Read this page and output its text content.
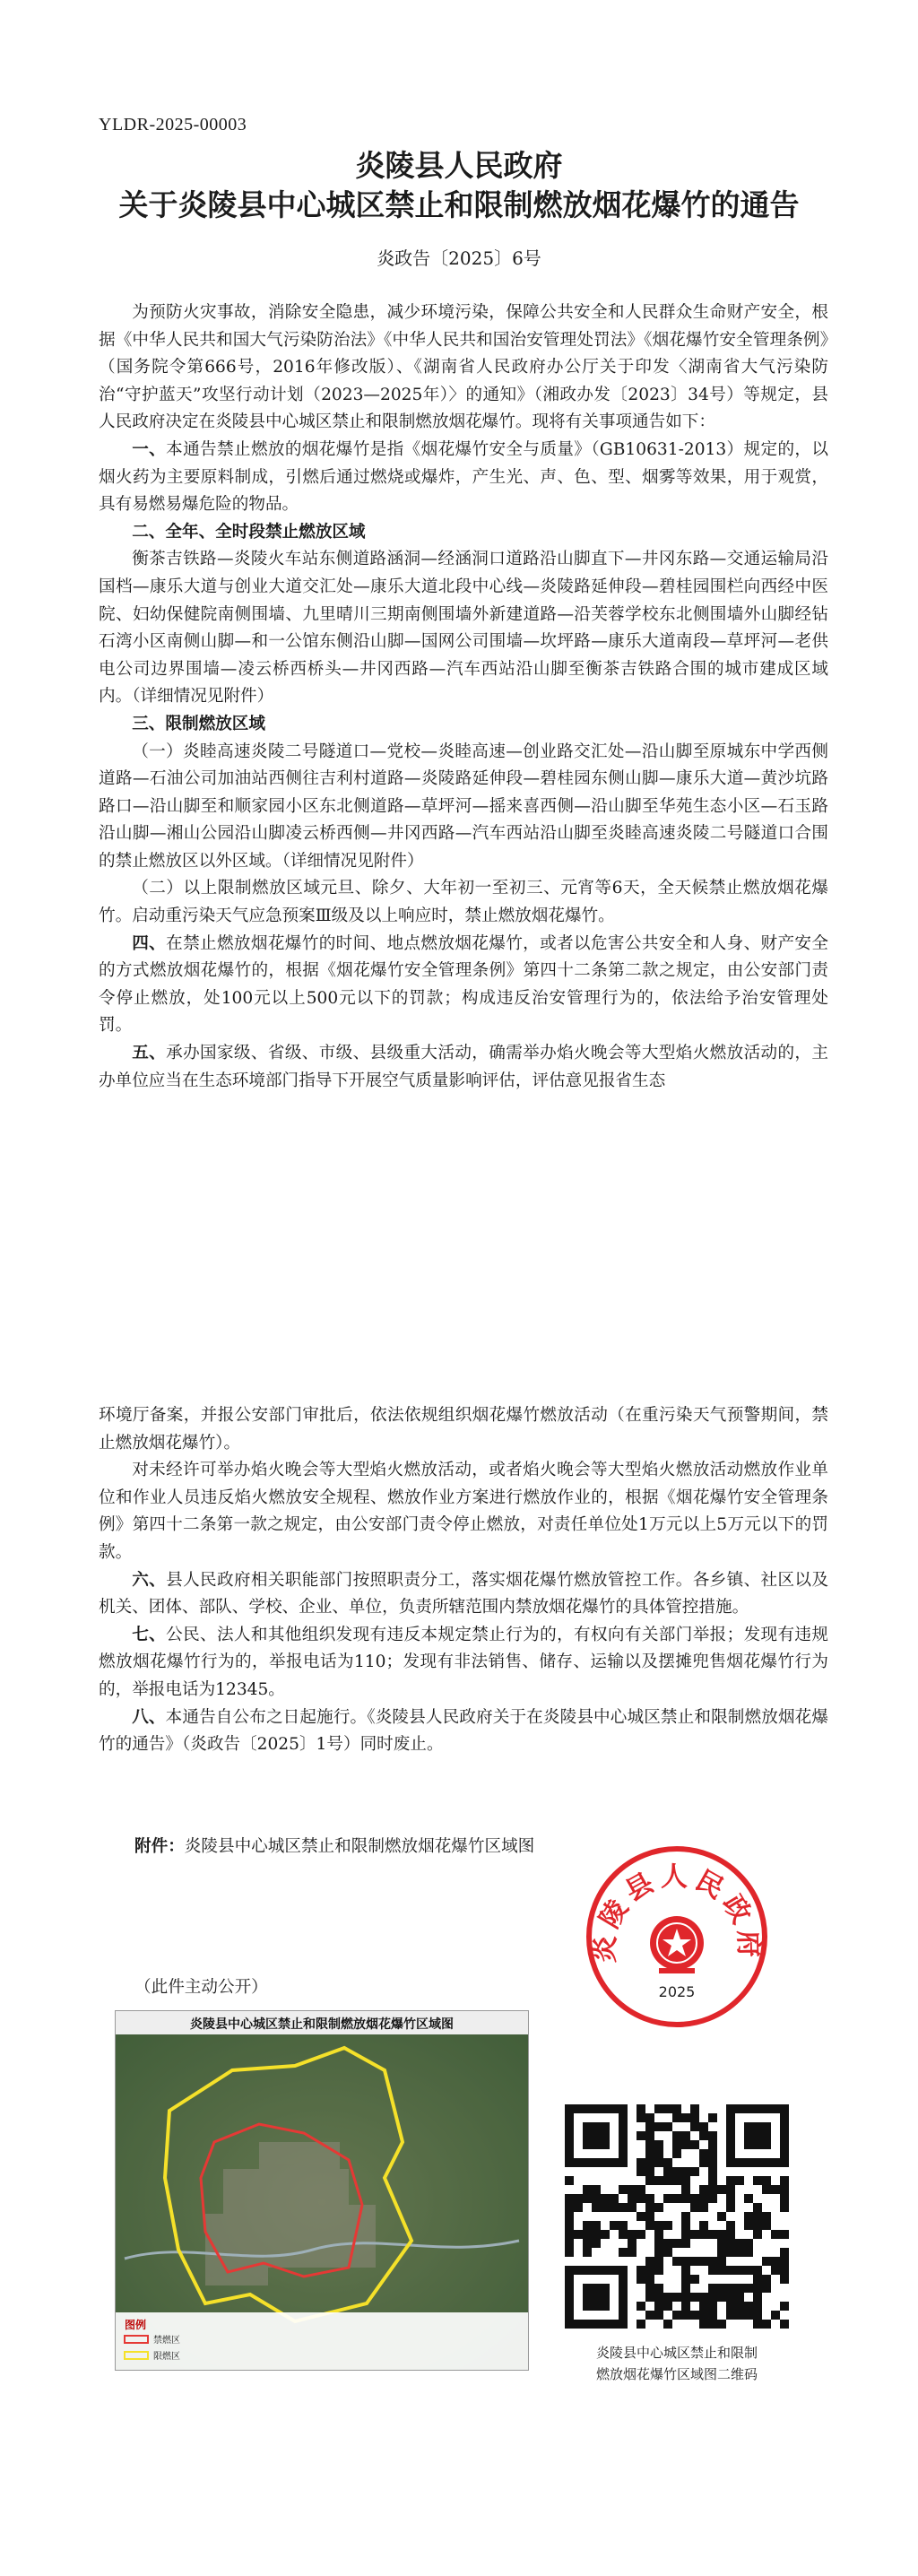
YLDR-2025-00003
炎陵县人民政府
关于炎陵县中心城区禁止和限制燃放烟花爆竹的通告
炎政告〔2025〕6号

为预防火灾事故，消除安全隐患，减少环境污染，保障公共安全和人民群众生命财产安全，根据《中华人民共和国大气污染防治法》《中华人民共和国治安管理处罚法》《烟花爆竹安全管理条例》（国务院令第666号，2016年修改版）、《湖南省人民政府办公厅关于印发〈湖南省大气污染防治“守护蓝天”攻坚行动计划（2023—2025年）〉的通知》（湘政办发〔2023〕34号）等规定，县人民政府决定在炎陵县中心城区禁止和限制燃放烟花爆竹。现将有关事项通告如下：

一、本通告禁止燃放的烟花爆竹是指《烟花爆竹安全与质量》（GB10631-2013）规定的，以烟火药为主要原料制成，引燃后通过燃烧或爆炸，产生光、声、色、型、烟雾等效果，用于观赏，具有易燃易爆危险的物品。

二、全年、全时段禁止燃放区域

衡茶吉铁路—炎陵火车站东侧道路涵洞—经涵洞口道路沿山脚直下—井冈东路—交通运输局沿国档—康乐大道与创业大道交汇处—康乐大道北段中心线—炎陵路延伸段—碧桂园围栏向西经中医院、妇幼保健院南侧围墙、九里晴川三期南侧围墙外新建道路—沿芙蓉学校东北侧围墙外山脚经钻石湾小区南侧山脚—和一公馆东侧沿山脚—国网公司围墙—坎坪路—康乐大道南段—草坪河—老供电公司边界围墙—凌云桥西桥头—井冈西路—汽车西站沿山脚至衡茶吉铁路合围的城市建成区域内。（详细情况见附件）

三、限制燃放区域

（一）炎睦高速炎陵二号隧道口—党校—炎睦高速—创业路交汇处—沿山脚至原城东中学西侧道路—石油公司加油站西侧往吉利村道路—炎陵路延伸段—碧桂园东侧山脚—康乐大道—黄沙坑路路口—沿山脚至和顺家园小区东北侧道路—草坪河—摇来喜西侧—沿山脚至华苑生态小区—石玉路沿山脚—湘山公园沿山脚凌云桥西侧—井冈西路—汽车西站沿山脚至炎睦高速炎陵二号隧道口合围的禁止燃放区以外区域。（详细情况见附件）

（二）以上限制燃放区域元旦、除夕、大年初一至初三、元宵等6天，全天候禁止燃放烟花爆竹。启动重污染天气应急预案Ⅲ级及以上响应时，禁止燃放烟花爆竹。

四、在禁止燃放烟花爆竹的时间、地点燃放烟花爆竹，或者以危害公共安全和人身、财产安全的方式燃放烟花爆竹的，根据《烟花爆竹安全管理条例》第四十二条第二款之规定，由公安部门责令停止燃放，处100元以上500元以下的罚款；构成违反治安管理行为的，依法给予治安管理处罚。

五、承办国家级、省级、市级、县级重大活动，确需举办焰火晚会等大型焰火燃放活动的，主办单位应当在生态环境部门指导下开展空气质量影响评估，评估意见报省生态

环境厅备案，并报公安部门审批后，依法依规组织烟花爆竹燃放活动（在重污染天气预警期间，禁止燃放烟花爆竹）。

对未经许可举办焰火晚会等大型焰火燃放活动，或者焰火晚会等大型焰火燃放活动燃放作业单位和作业人员违反焰火燃放安全规程、燃放作业方案进行燃放作业的，根据《烟花爆竹安全管理条例》第四十二条第一款之规定，由公安部门责令停止燃放，对责任单位处1万元以上5万元以下的罚款。

六、县人民政府相关职能部门按照职责分工，落实烟花爆竹燃放管控工作。各乡镇、社区以及机关、团体、部队、学校、企业、单位，负责所辖范围内禁放烟花爆竹的具体管控措施。

七、公民、法人和其他组织发现有违反本规定禁止行为的，有权向有关部门举报；发现有违规燃放烟花爆竹行为的，举报电话为110；发现有非法销售、储存、运输以及摆摊兜售烟花爆竹行为的，举报电话为12345。

八、本通告自公布之日起施行。《炎陵县人民政府关于在炎陵县中心城区禁止和限制燃放烟花爆竹的通告》（炎政告〔2025〕1号）同时废止。

附件：炎陵县中心城区禁止和限制燃放烟花爆竹区域图
（此件主动公开）
炎陵县人民政府
2025
炎陵县中心城区禁止和限制燃放烟花爆竹区域图
图例
禁燃区
限燃区	炎陵县中心城区禁止和限制
燃放烟花爆竹区域图二维码
